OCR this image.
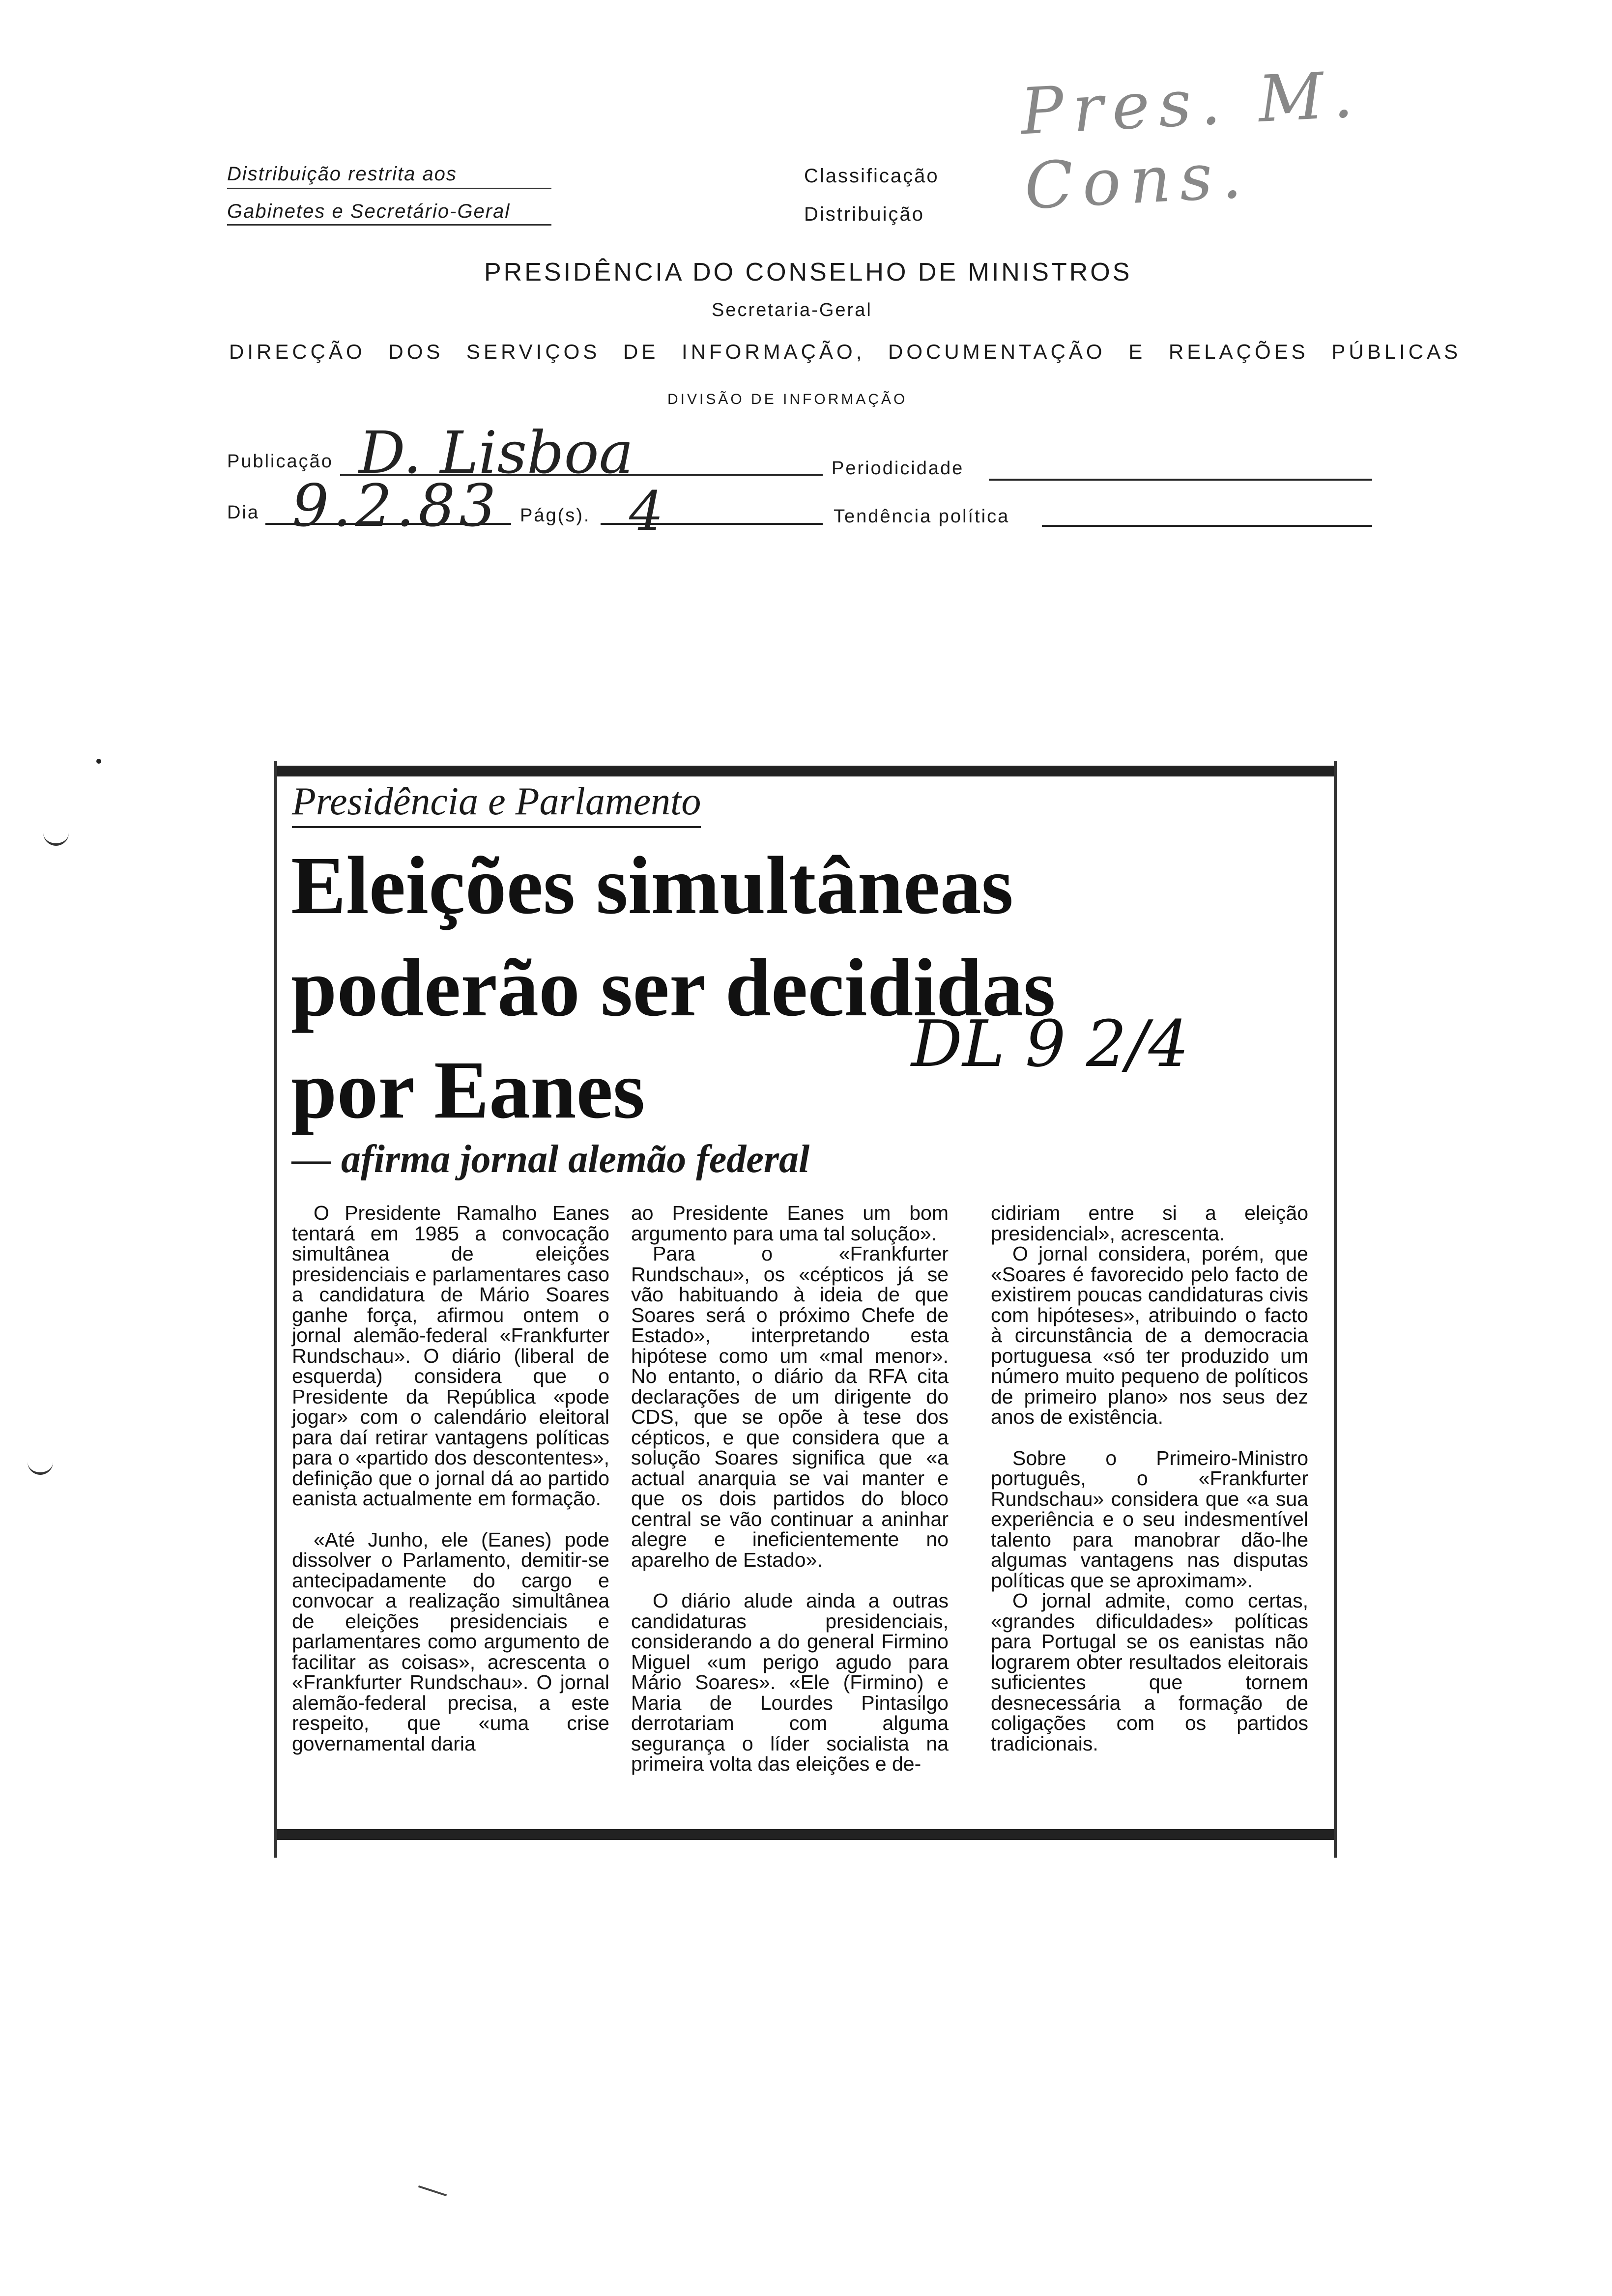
Pres. M. Cons.
Distribuição restrita aos
Gabinetes e Secretário-Geral
Classificação
Distribuição
PRESIDÊNCIA DO CONSELHO DE MINISTROS
Secretaria-Geral
DIRECÇÃO DOS SERVIÇOS DE INFORMAÇÃO, DOCUMENTAÇÃO E RELAÇÕES PÚBLICAS
DIVISÃO DE INFORMAÇÃO
Publicação D. Lisboa	Periodicidade
Dia 9.2.83 Pág(s). 4	Tendência política
Presidência e Parlamento
Eleições simultâneas
poderão ser decididas
por Eanes
DL 9 2/4
— afirma jornal alemão federal

O Presidente Ramalho Eanes tentará em 1985 a convocação simultânea de eleições presidenciais e parlamentares caso a candidatura de Mário Soares ganhe força, afirmou ontem o jornal alemão-federal «Frankfurter Rundschau». O diário (liberal de esquerda) considera que o Presidente da República «pode jogar» com o calendário eleitoral para daí retirar vantagens políticas para o «partido dos descontentes», definição que o jornal dá ao partido eanista actualmente em formação.

«Até Junho, ele (Eanes) pode dissolver o Parlamento, demitir-se antecipadamente do cargo e convocar a realização simultânea de eleições presidenciais e parlamentares como argumento de facilitar as coisas», acrescenta o «Frankfurter Rundschau». O jornal alemão-federal precisa, a este respeito, que «uma crise governamental daria

ao Presidente Eanes um bom argumento para uma tal solução».

Para o «Frankfurter Rundschau», os «cépticos já se vão habituando à ideia de que Soares será o próximo Chefe de Estado», interpretando esta hipótese como um «mal menor». No entanto, o diário da RFA cita declarações de um dirigente do CDS, que se opõe à tese dos cépticos, e que considera que a solução Soares significa que «a actual anarquia se vai manter e que os dois partidos do bloco central se vão continuar a aninhar alegre e ineficientemente no aparelho de Estado».

O diário alude ainda a outras candidaturas presidenciais, considerando a do general Firmino Miguel «um perigo agudo para Mário Soares». «Ele (Firmino) e Maria de Lourdes Pintasilgo derrotariam com alguma segurança o líder socialista na primeira volta das eleições e de-

cidiriam entre si a eleição presidencial», acrescenta.

O jornal considera, porém, que «Soares é favorecido pelo facto de existirem poucas candidaturas civis com hipóteses», atribuindo o facto à circunstância de a democracia portuguesa «só ter produzido um número muito pequeno de políticos de primeiro plano» nos seus dez anos de existência.

Sobre o Primeiro-Ministro português, o «Frankfurter Rundschau» considera que «a sua experiência e o seu indesmentível talento para manobrar dão-lhe algumas vantagens nas disputas políticas que se aproximam».

O jornal admite, como certas, «grandes dificuldades» políticas para Portugal se os eanistas não lograrem obter resultados eleitorais suficientes que tornem desnecessária a formação de coligações com os partidos tradicionais.
